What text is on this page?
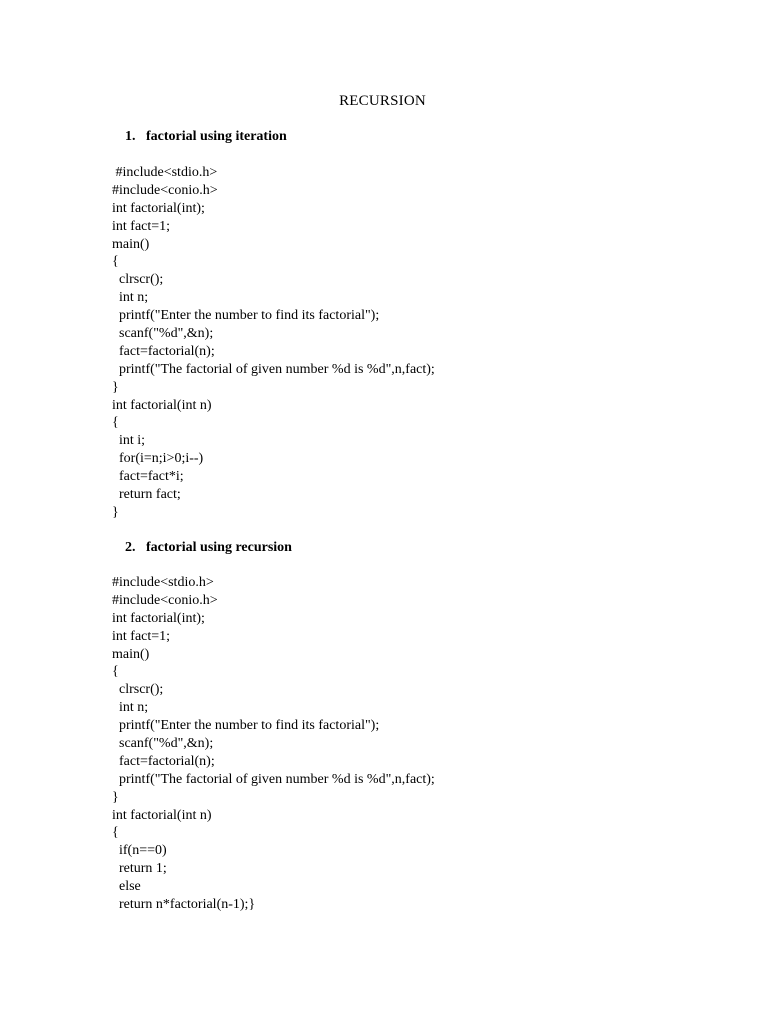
RECURSION
1. factorial using iteration
#include<stdio.h>
#include<conio.h>
int factorial(int);
int fact=1;
main()
{
clrscr();
int n;
printf("Enter the number to find its factorial");
scanf("%d",&n);
fact=factorial(n);
printf("The factorial of given number %d is %d",n,fact);
}
int factorial(int n)
{
int i;
for(i=n;i>0;i--)
fact=fact*i;
return fact;
}
2. factorial using recursion
#include<stdio.h>
#include<conio.h>
int factorial(int);
int fact=1;
main()
{
clrscr();
int n;
printf("Enter the number to find its factorial");
scanf("%d",&n);
fact=factorial(n);
printf("The factorial of given number %d is %d",n,fact);
}
int factorial(int n)
{
if(n==0)
return 1;
else
return n*factorial(n-1);}
